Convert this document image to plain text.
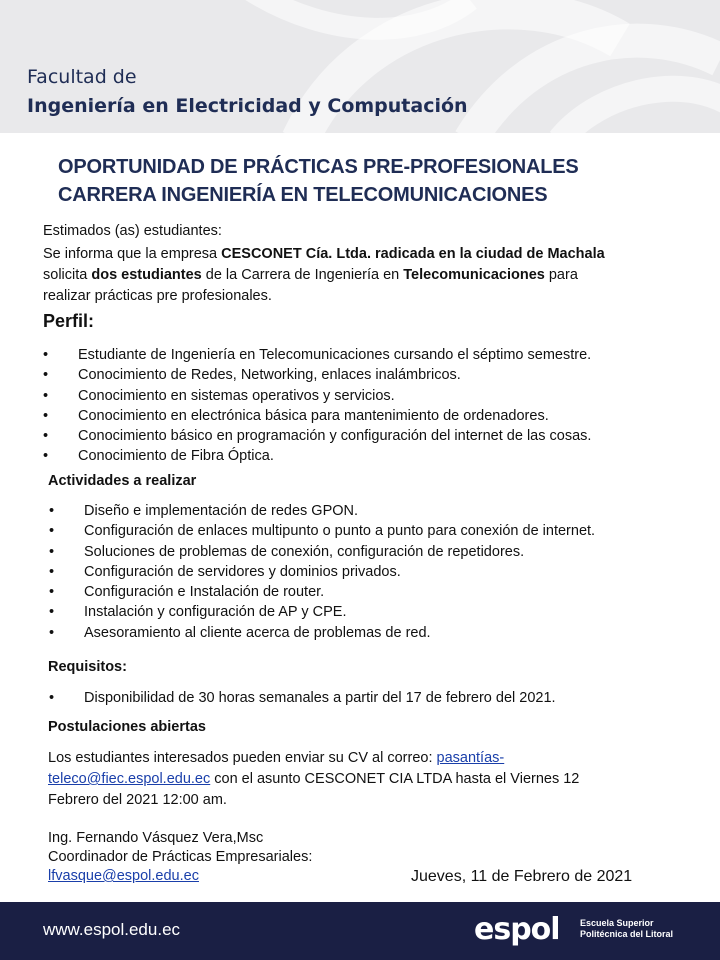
Facultad de
Ingeniería en Electricidad y Computación
OPORTUNIDAD DE PRÁCTICAS PRE-PROFESIONALES
CARRERA INGENIERÍA EN TELECOMUNICACIONES
Estimados (as) estudiantes:

Se informa que la empresa CESCONET Cía. Ltda. radicada en la ciudad de Machala

solicita dos estudiantes de la Carrera de Ingeniería en Telecomunicaciones para

realizar prácticas pre profesionales.

Perfil:
• Estudiante de Ingeniería en Telecomunicaciones cursando el séptimo semestre.
• Conocimiento de Redes, Networking, enlaces inalámbricos.
• Conocimiento en sistemas operativos y servicios.
• Conocimiento en electrónica básica para mantenimiento de ordenadores.
• Conocimiento básico en programación y configuración del internet de las cosas.
• Conocimiento de Fibra Óptica.
Actividades a realizar
• Diseño e implementación de redes GPON.
• Configuración de enlaces multipunto o punto a punto para conexión de internet.
• Soluciones de problemas de conexión, configuración de repetidores.
• Configuración de servidores y dominios privados.
• Configuración e Instalación de router.
• Instalación y configuración de AP y CPE.
• Asesoramiento al cliente acerca de problemas de red.
Requisitos:
• Disponibilidad de 30 horas semanales a partir del 17 de febrero del 2021.
Postulaciones abiertas
Los estudiantes interesados pueden enviar su CV al correo: pasantías-
teleco@fiec.espol.edu.ec con el asunto CESCONET CIA LTDA hasta el Viernes 12
Febrero del 2021 12:00 am.
Ing. Fernando Vásquez Vera,Msc
Coordinador de Prácticas Empresariales:
lfvasque@espol.edu.ec	Jueves, 11 de Febrero de 2021
www.espol.edu.ec	espol Escuela Superior
Politécnica del Litoral
